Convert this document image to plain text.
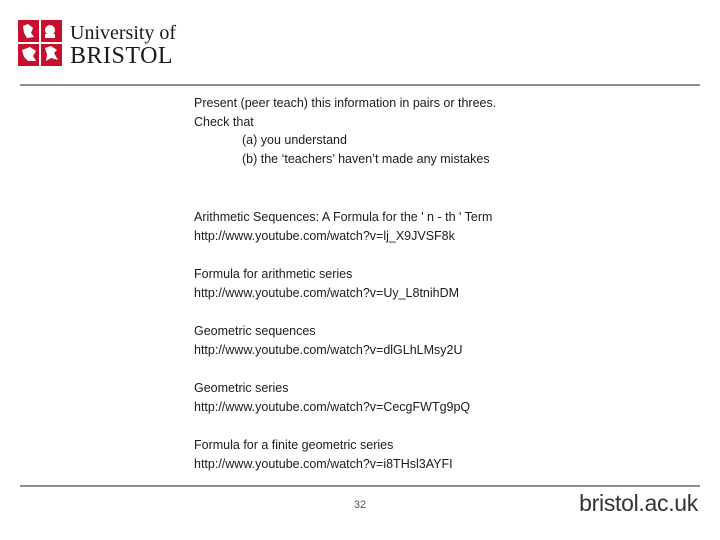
University of
BRISTOL
Present (peer teach) this information in pairs or threes.
Check that
(a) you understand
(b) the ‘teachers’ haven’t made any mistakes
Arithmetic Sequences: A Formula for the ' n - th ' Term
http://www.youtube.com/watch?v=lj_X9JVSF8k
Formula for arithmetic series
http://www.youtube.com/watch?v=Uy_L8tnihDM
Geometric sequences
http://www.youtube.com/watch?v=dlGLhLMsy2U
Geometric series
http://www.youtube.com/watch?v=CecgFWTg9pQ
Formula for a finite geometric series
http://www.youtube.com/watch?v=i8THsl3AYFI
32	bristol.ac.uk
